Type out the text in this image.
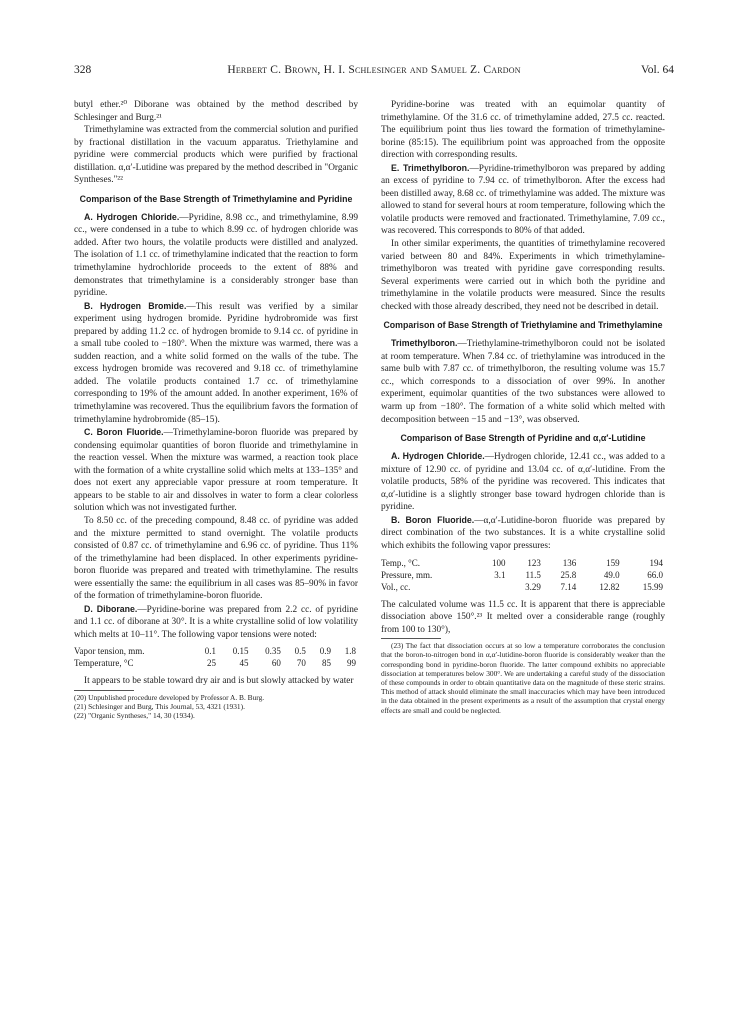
328	Herbert C. Brown, H. I. Schlesinger and Samuel Z. Cardon	Vol. 64

butyl ether.²⁰ Diborane was obtained by the method described by Schlesinger and Burg.²¹

Trimethylamine was extracted from the commercial solution and purified by fractional distillation in the vacuum apparatus. Triethylamine and pyridine were commercial products which were purified by fractional distillation. α,α′-Lutidine was prepared by the method described in "Organic Syntheses."²²

Comparison of the Base Strength of Trimethylamine and Pyridine

A. Hydrogen Chloride.—Pyridine, 8.98 cc., and trimethylamine, 8.99 cc., were condensed in a tube to which 8.99 cc. of hydrogen chloride was added. After two hours, the volatile products were distilled and analyzed. The isolation of 1.1 cc. of trimethylamine indicated that the reaction to form trimethylamine hydrochloride proceeds to the extent of 88% and demonstrates that trimethylamine is a considerably stronger base than pyridine.

B. Hydrogen Bromide.—This result was verified by a similar experiment using hydrogen bromide. Pyridine hydrobromide was first prepared by adding 11.2 cc. of hydrogen bromide to 9.14 cc. of pyridine in a small tube cooled to −180°. When the mixture was warmed, there was a sudden reaction, and a white solid formed on the walls of the tube. The excess hydrogen bromide was recovered and 9.18 cc. of trimethylamine added. The volatile products contained 1.7 cc. of trimethylamine corresponding to 19% of the amount added. In another experiment, 16% of trimethylamine was recovered. Thus the equilibrium favors the formation of trimethylamine hydrobromide (85–15).

C. Boron Fluoride.—Trimethylamine-boron fluoride was prepared by condensing equimolar quantities of boron fluoride and trimethylamine in the reaction vessel. When the mixture was warmed, a reaction took place with the formation of a white crystalline solid which melts at 133–135° and does not exert any appreciable vapor pressure at room temperature. It appears to be stable to air and dissolves in water to form a clear colorless solution which was not investigated further.

To 8.50 cc. of the preceding compound, 8.48 cc. of pyridine was added and the mixture permitted to stand overnight. The volatile products consisted of 0.87 cc. of trimethylamine and 6.96 cc. of pyridine. Thus 11% of the trimethylamine had been displaced. In other experiments pyridine-boron fluoride was prepared and treated with trimethylamine. The results were essentially the same: the equilibrium in all cases was 85–90% in favor of the formation of trimethylamine-boron fluoride.

D. Diborane.—Pyridine-borine was prepared from 2.2 cc. of pyridine and 1.1 cc. of diborane at 30°. It is a white crystalline solid of low volatility which melts at 10–11°. The following vapor tensions were noted:

Vapor tension, mm.	0.1	0.15	0.35	0.5	0.9	1.8
Temperature, °C	25	45	60	70	85	99

It appears to be stable toward dry air and is but slowly attacked by water

(20) Unpublished procedure developed by Professor A. B. Burg.

(21) Schlesinger and Burg, This Journal, 53, 4321 (1931).

(22) "Organic Syntheses," 14, 30 (1934).

Pyridine-borine was treated with an equimolar quantity of trimethylamine. Of the 31.6 cc. of trimethylamine added, 27.5 cc. reacted. The equilibrium point thus lies toward the formation of trimethylamine-borine (85:15). The equilibrium point was approached from the opposite direction with corresponding results.

E. Trimethylboron.—Pyridine-trimethylboron was prepared by adding an excess of pyridine to 7.94 cc. of trimethylboron. After the excess had been distilled away, 8.68 cc. of trimethylamine was added. The mixture was allowed to stand for several hours at room temperature, following which the volatile products were removed and fractionated. Trimethylamine, 7.09 cc., was recovered. This corresponds to 80% of that added.

In other similar experiments, the quantities of trimethylamine recovered varied between 80 and 84%. Experiments in which trimethylamine-trimethylboron was treated with pyridine gave corresponding results. Several experiments were carried out in which both the pyridine and trimethylamine in the volatile products were measured. Since the results checked with those already described, they need not be described in detail.

Comparison of Base Strength of Triethylamine and Trimethylamine

Trimethylboron.—Triethylamine-trimethylboron could not be isolated at room temperature. When 7.84 cc. of triethylamine was introduced in the same bulb with 7.87 cc. of trimethylboron, the resulting volume was 15.7 cc., which corresponds to a dissociation of over 99%. In another experiment, equimolar quantities of the two substances were allowed to warm up from −180°. The formation of a white solid which melted with decomposition between −15 and −13°, was observed.

Comparison of Base Strength of Pyridine and α,α′-Lutidine

A. Hydrogen Chloride.—Hydrogen chloride, 12.41 cc., was added to a mixture of 12.90 cc. of pyridine and 13.04 cc. of α,α′-lutidine. From the volatile products, 58% of the pyridine was recovered. This indicates that α,α′-lutidine is a slightly stronger base toward hydrogen chloride than is pyridine.

B. Boron Fluoride.—α,α′-Lutidine-boron fluoride was prepared by direct combination of the two substances. It is a white crystalline solid which exhibits the following vapor pressures:

Temp., °C.	100	123	136	159	194
Pressure, mm.	3.1	11.5	25.8	49.0	66.0
Vol., cc.		3.29	7.14	12.82	15.99

The calculated volume was 11.5 cc. It is apparent that there is appreciable dissociation above 150°.²³ It melted over a considerable range (roughly from 100 to 130°),

(23) The fact that dissociation occurs at so low a temperature corroborates the conclusion that the boron-to-nitrogen bond in α,α′-lutidine-boron fluoride is considerably weaker than the corresponding bond in pyridine-boron fluoride. The latter compound exhibits no appreciable dissociation at temperatures below 300°. We are undertaking a careful study of the dissociation of these compounds in order to obtain quantitative data on the magnitude of these steric strains. This method of attack should eliminate the small inaccuracies which may have been introduced in the data obtained in the present experiments as a result of the assumption that crystal energy effects are small and could be neglected.
